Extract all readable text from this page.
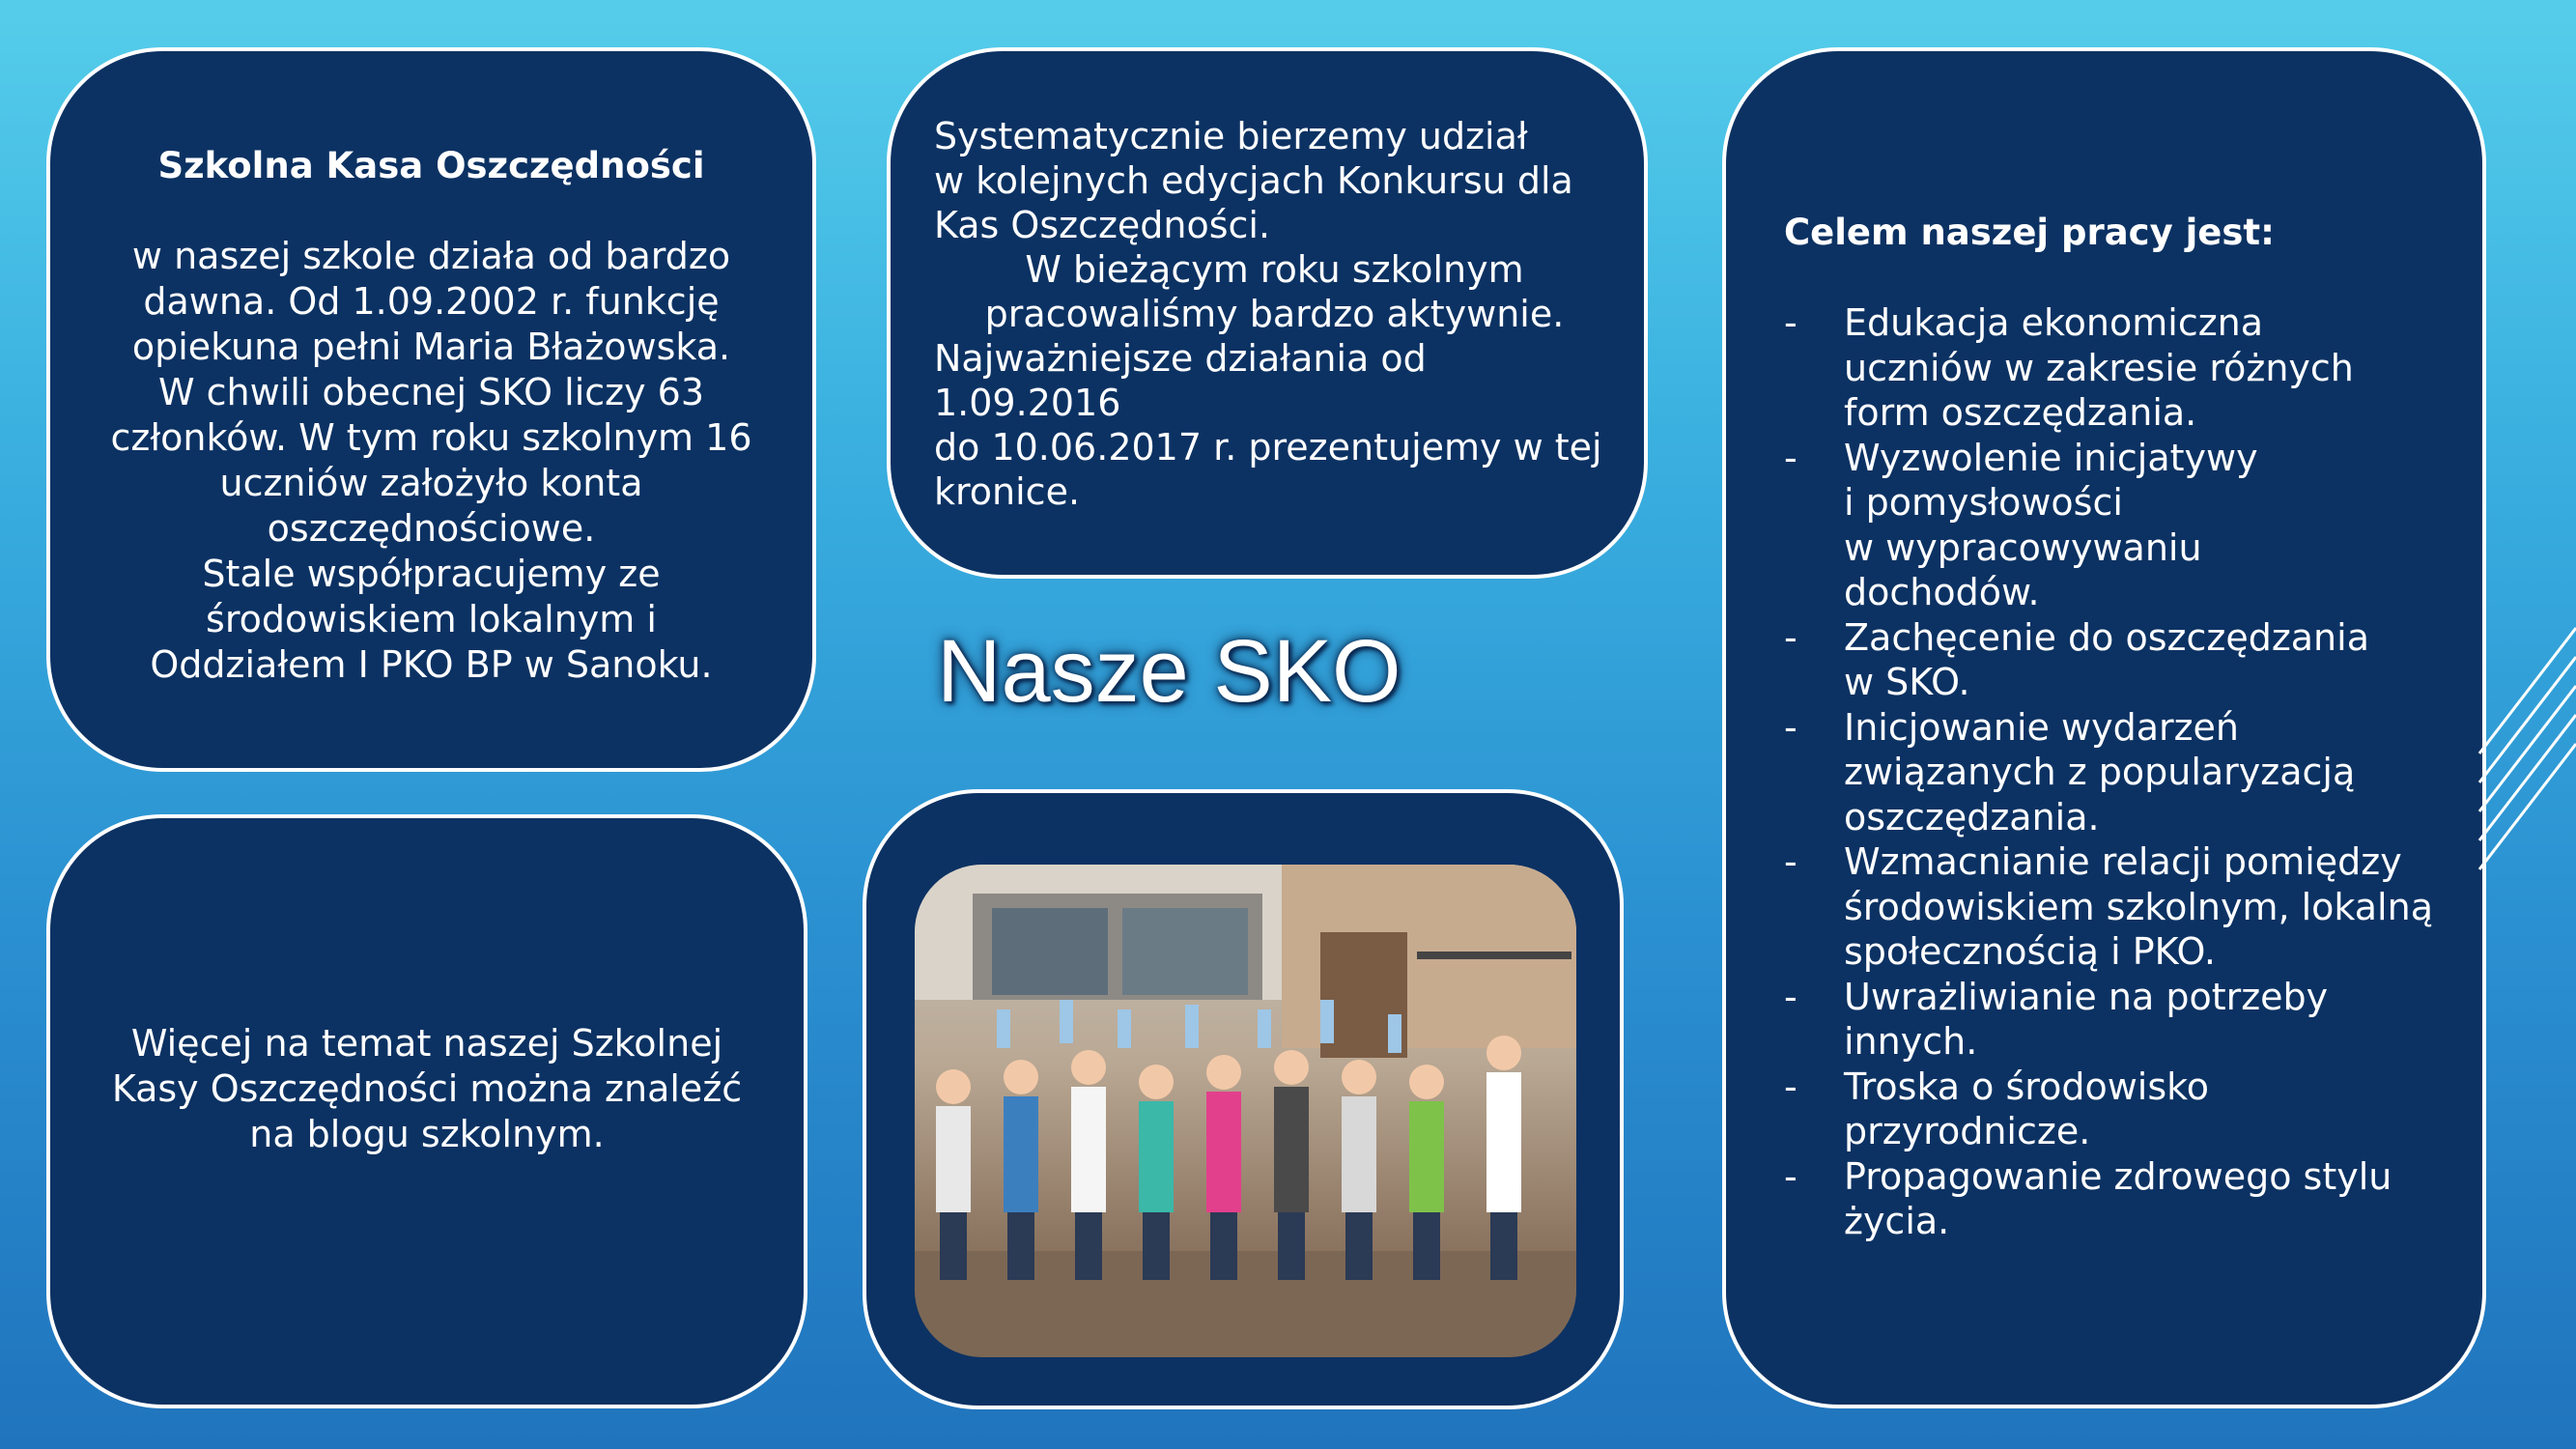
Szkolna Kasa Oszczędności
w naszej szkole działa od bardzo
dawna. Od 1.09.2002 r. funkcję
opiekuna pełni Maria Błażowska.
W chwili obecnej SKO liczy 63
członków. W tym roku szkolnym 16
uczniów założyło konta
oszczędnościowe.
Stale współpracujemy ze
środowiskiem lokalnym i
Oddziałem I PKO BP w Sanoku.
Systematycznie bierzemy udział
w kolejnych edycjach Konkursu dla
Kas Oszczędności.
W bieżącym roku szkolnym
pracowaliśmy bardzo aktywnie.
Najważniejsze działania od 1.09.2016
do 10.06.2017 r. prezentujemy w tej
kronice.
Nasze SKO
Więcej na temat naszej Szkolnej
Kasy Oszczędności można znaleźć
na blogu szkolnym.
Celem naszej pracy jest:
- Edukacja ekonomiczna
uczniów w zakresie różnych
form oszczędzania.
- Wyzwolenie inicjatywy
i pomysłowości
w wypracowywaniu
dochodów.
- Zachęcenie do oszczędzania
w SKO.
- Inicjowanie wydarzeń
związanych z popularyzacją
oszczędzania.
- Wzmacnianie relacji pomiędzy
środowiskiem szkolnym, lokalną
społecznością i PKO.
- Uwrażliwianie na potrzeby
innych.
- Troska o środowisko
przyrodnicze.
- Propagowanie zdrowego stylu
życia.
